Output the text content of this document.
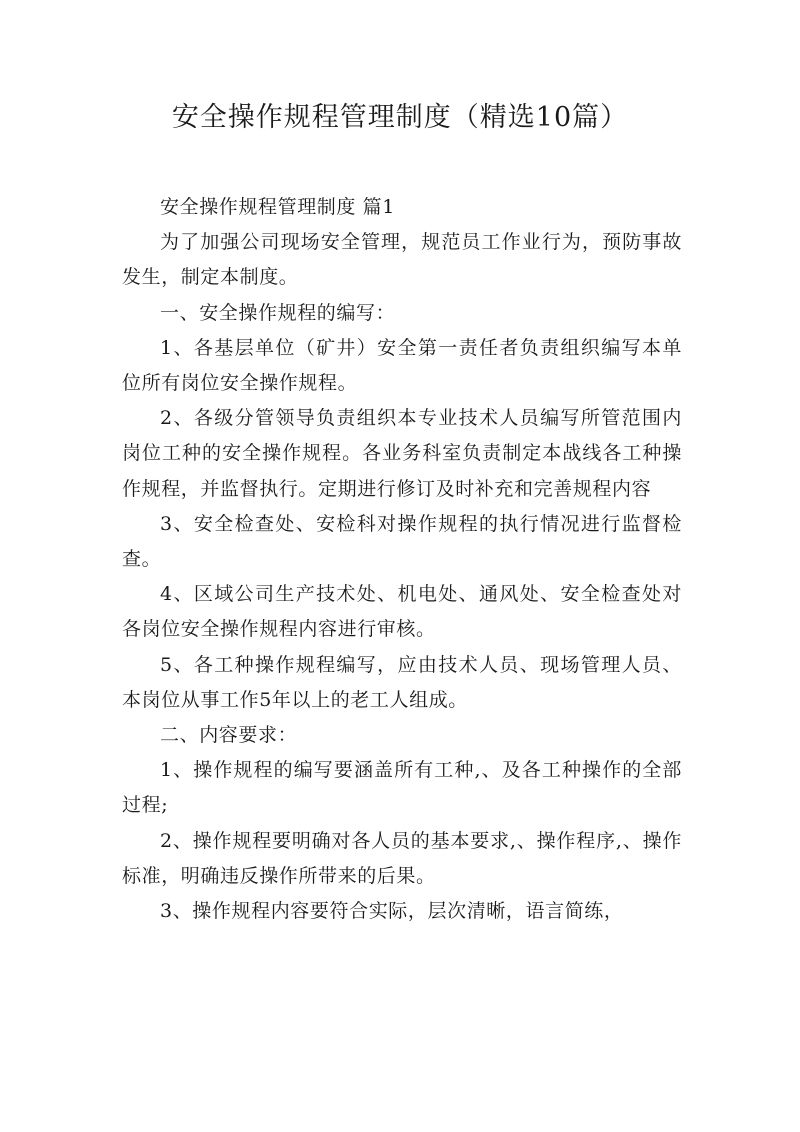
安全操作规程管理制度（精选10篇）

安全操作规程管理制度 篇1

为了加强公司现场安全管理，规范员工作业行为，预防事故发生，制定本制度。

一、安全操作规程的编写：

1、各基层单位（矿井）安全第一责任者负责组织编写本单位所有岗位安全操作规程。

2、各级分管领导负责组织本专业技术人员编写所管范围内岗位工种的安全操作规程。各业务科室负责制定本战线各工种操作规程，并监督执行。定期进行修订及时补充和完善规程内容

3、安全检查处、安检科对操作规程的执行情况进行监督检查。

4、区域公司生产技术处、机电处、通风处、安全检查处对各岗位安全操作规程内容进行审核。

5、各工种操作规程编写，应由技术人员、现场管理人员、本岗位从事工作5年以上的老工人组成。

二、内容要求：

1、操作规程的编写要涵盖所有工种,、及各工种操作的全部过程;

2、操作规程要明确对各人员的基本要求,、操作程序,、操作标准，明确违反操作所带来的后果。

3、操作规程内容要符合实际，层次清晰，语言简练，
